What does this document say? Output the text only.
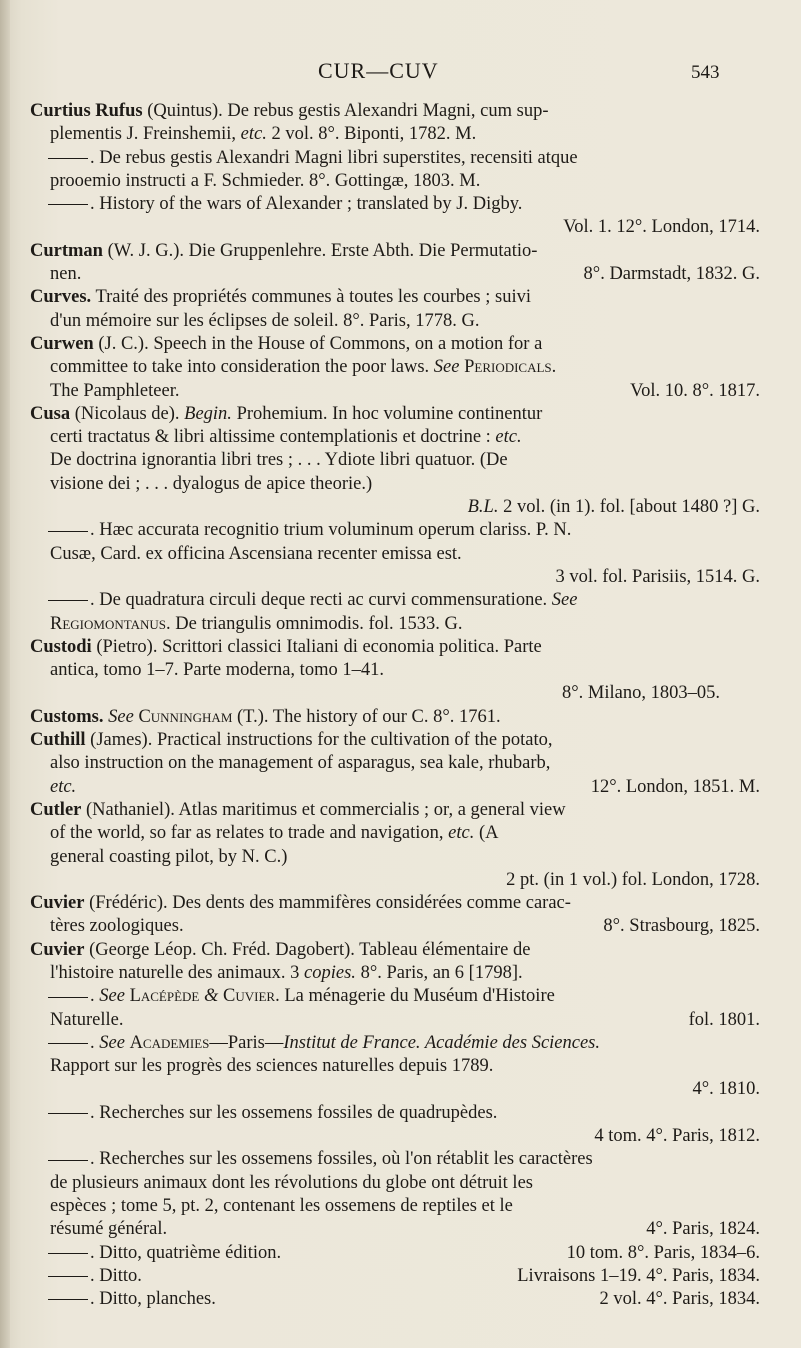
CUR—CUV	543
Curtius Rufus (Quintus). De rebus gestis Alexandri Magni, cum sup-
plementis J. Freinshemii, etc. 2 vol. 8°. Biponti, 1782. M.
. De rebus gestis Alexandri Magni libri superstites, recensiti atque
prooemio instructi a F. Schmieder. 8°. Gottingæ, 1803. M.
. History of the wars of Alexander ; translated by J. Digby.
Vol. 1. 12°. London, 1714.
Curtman (W. J. G.). Die Gruppenlehre. Erste Abth. Die Permutatio-
nen.	8°. Darmstadt, 1832. G.
Curves. Traité des propriétés communes à toutes les courbes ; suivi
d'un mémoire sur les éclipses de soleil. 8°. Paris, 1778. G.
Curwen (J. C.). Speech in the House of Commons, on a motion for a
committee to take into consideration the poor laws. See Periodicals.
The Pamphleteer.	Vol. 10. 8°. 1817.
Cusa (Nicolaus de). Begin. Prohemium. In hoc volumine continentur
certi tractatus & libri altissime contemplationis et doctrine : etc.
De doctrina ignorantia libri tres ; . . . Ydiote libri quatuor. (De
visione dei ; . . . dyalogus de apice theorie.)
B.L. 2 vol. (in 1). fol. [about 1480 ?] G.
. Hæc accurata recognitio trium voluminum operum clariss. P. N.
Cusæ, Card. ex officina Ascensiana recenter emissa est.
3 vol. fol. Parisiis, 1514. G.
. De quadratura circuli deque recti ac curvi commensuratione. See
Regiomontanus. De triangulis omnimodis. fol. 1533. G.
Custodi (Pietro). Scrittori classici Italiani di economia politica. Parte
antica, tomo 1–7. Parte moderna, tomo 1–41.
8°. Milano, 1803–05.
Customs. See Cunningham (T.). The history of our C. 8°. 1761.
Cuthill (James). Practical instructions for the cultivation of the potato,
also instruction on the management of asparagus, sea kale, rhubarb,
etc.	12°. London, 1851. M.
Cutler (Nathaniel). Atlas maritimus et commercialis ; or, a general view
of the world, so far as relates to trade and navigation, etc. (A
general coasting pilot, by N. C.)
2 pt. (in 1 vol.) fol. London, 1728.
Cuvier (Frédéric). Des dents des mammifères considérées comme carac-
tères zoologiques.	8°. Strasbourg, 1825.
Cuvier (George Léop. Ch. Fréd. Dagobert). Tableau élémentaire de
l'histoire naturelle des animaux. 3 copies. 8°. Paris, an 6 [1798].
. See Lacépède & Cuvier. La ménagerie du Muséum d'Histoire
Naturelle.	fol. 1801.
. See Academies—Paris—Institut de France. Académie des Sciences.
Rapport sur les progrès des sciences naturelles depuis 1789.
4°. 1810.
. Recherches sur les ossemens fossiles de quadrupèdes.
4 tom. 4°. Paris, 1812.
. Recherches sur les ossemens fossiles, où l'on rétablit les caractères
de plusieurs animaux dont les révolutions du globe ont détruit les
espèces ; tome 5, pt. 2, contenant les ossemens de reptiles et le
résumé général.	4°. Paris, 1824.
. Ditto, quatrième édition.	10 tom. 8°. Paris, 1834–6.
. Ditto.	Livraisons 1–19. 4°. Paris, 1834.
. Ditto, planches.	2 vol. 4°. Paris, 1834.
